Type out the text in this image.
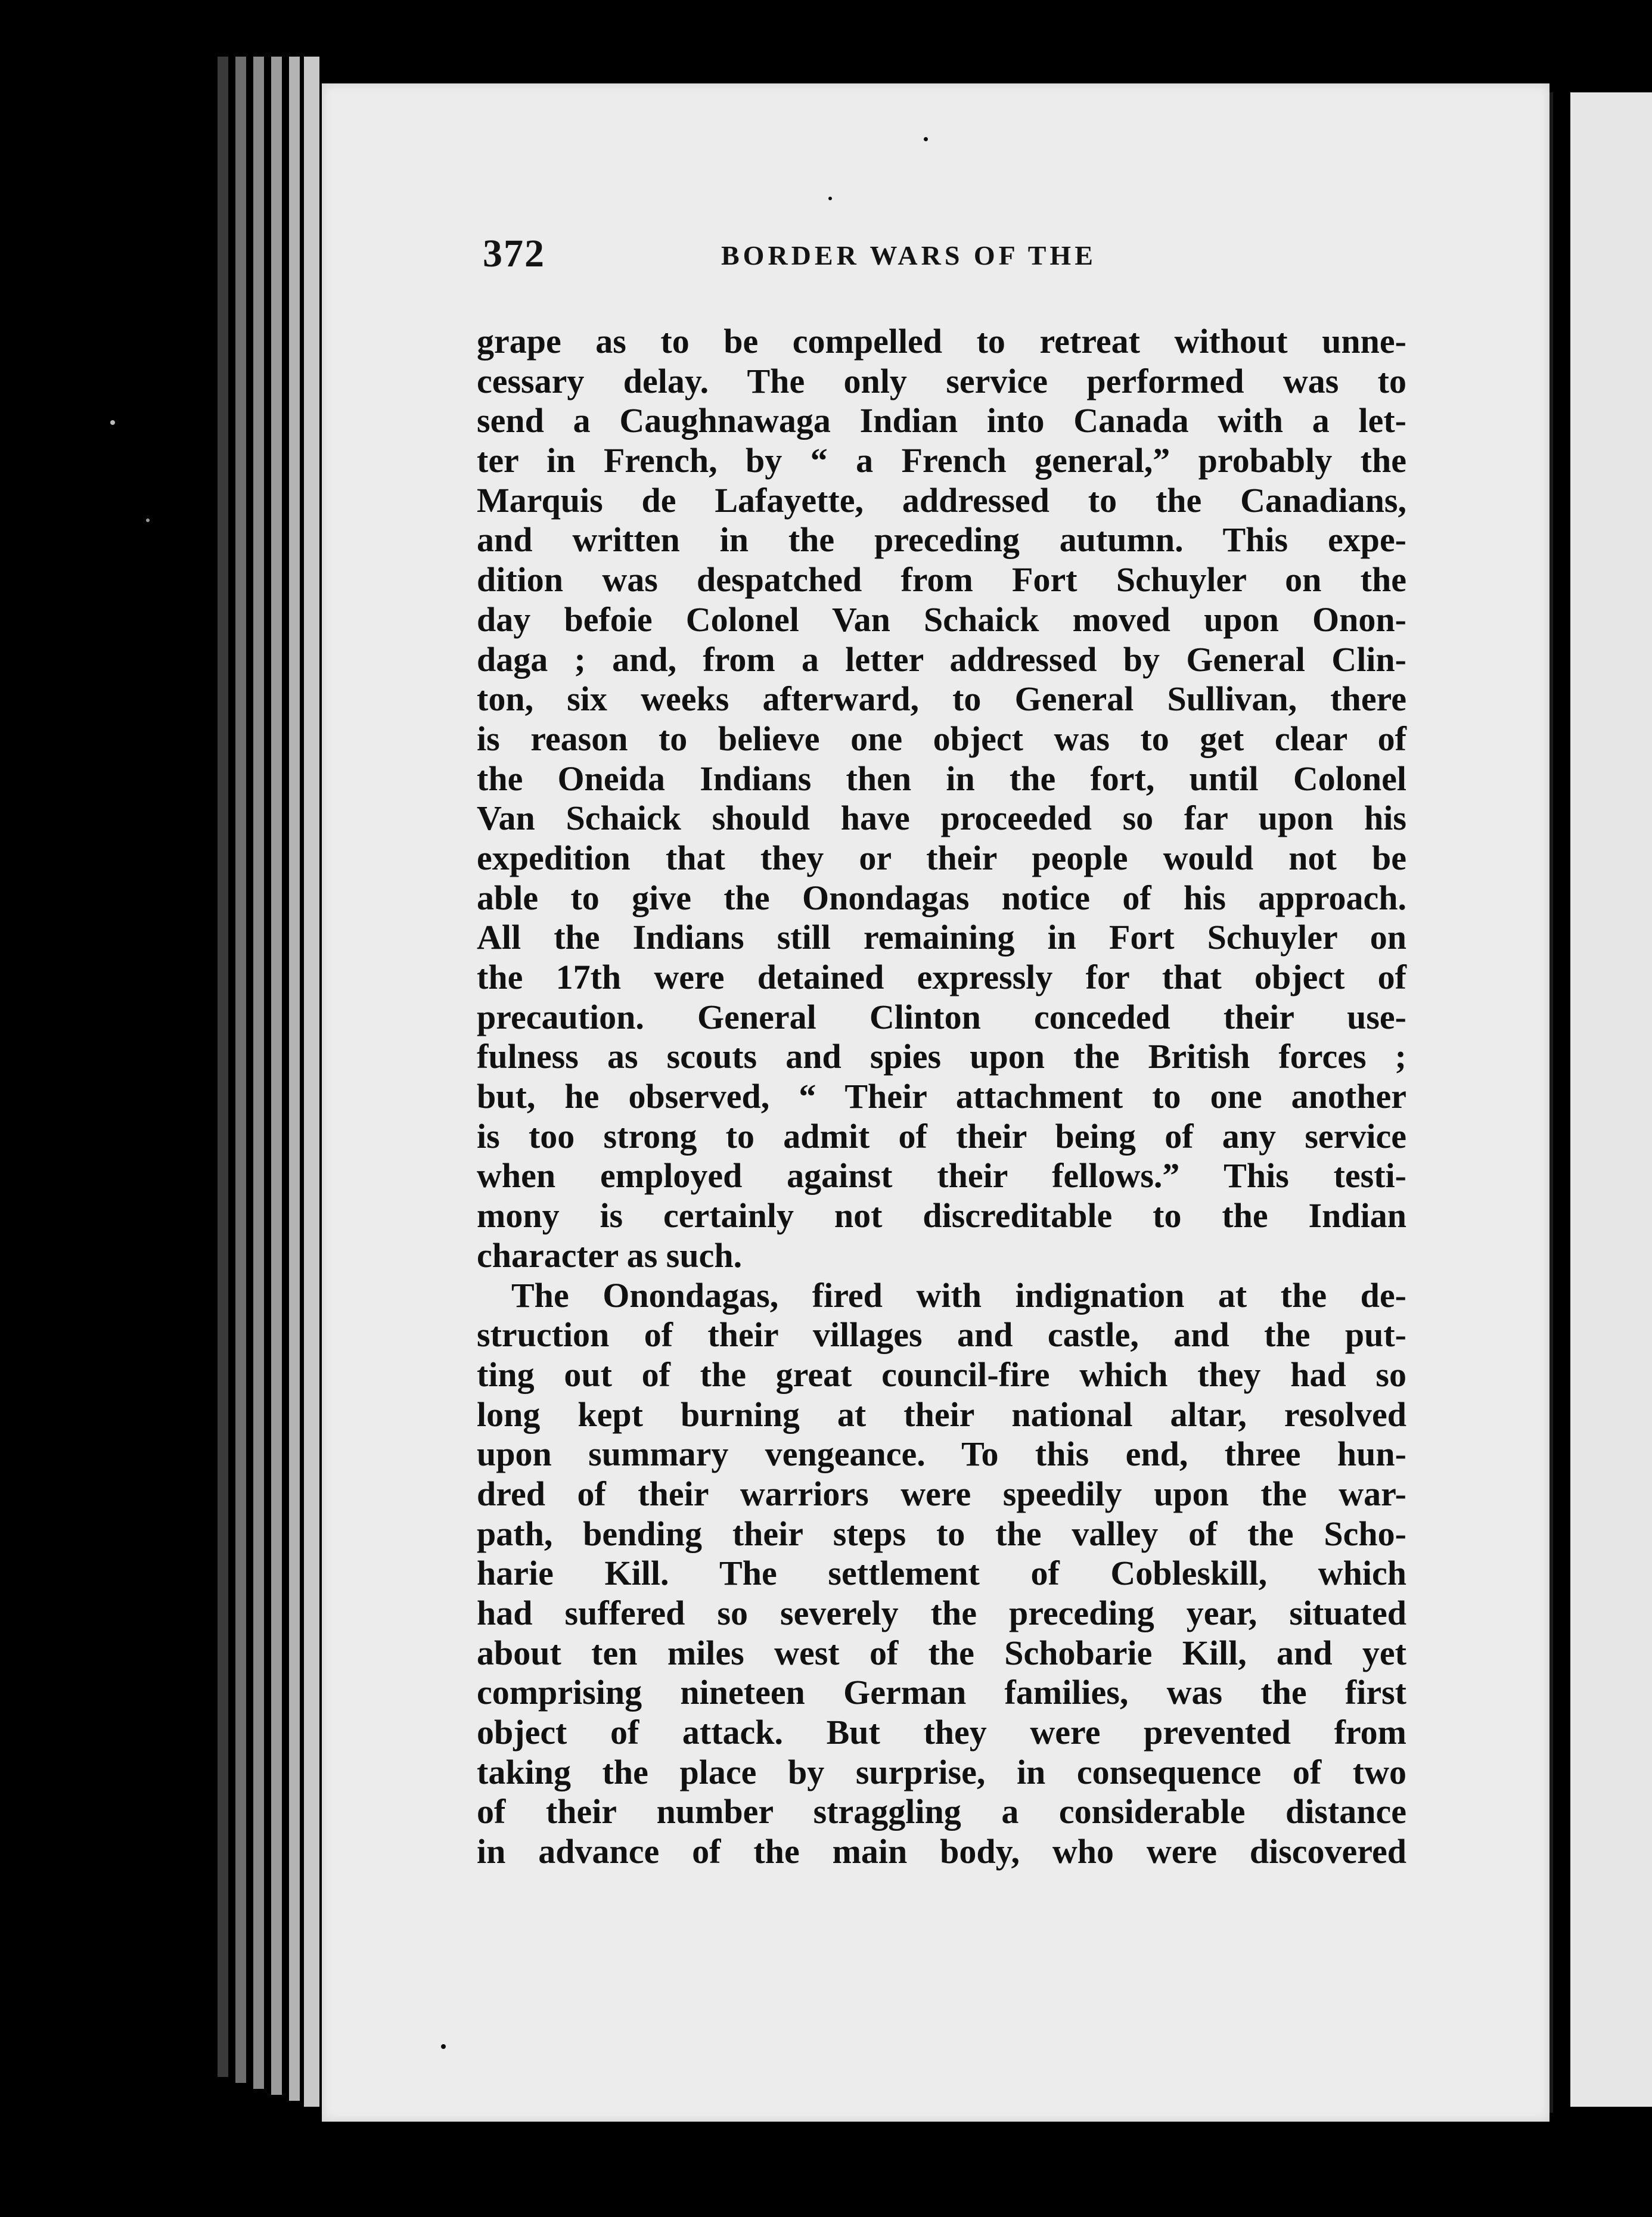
372	BORDER WARS OF THE
grape as to be compelled to retreat without unne-
cessary delay. The only service performed was to
send a Caughnawaga Indian into Canada with a let-
ter in French, by “ a French general,” probably the
Marquis de Lafayette, addressed to the Canadians,
and written in the preceding autumn. This expe-
dition was despatched from Fort Schuyler on the
day befoie Colonel Van Schaick moved upon Onon-
daga ; and, from a letter addressed by General Clin-
ton, six weeks afterward, to General Sullivan, there
is reason to believe one object was to get clear of
the Oneida Indians then in the fort, until Colonel
Van Schaick should have proceeded so far upon his
expedition that they or their people would not be
able to give the Onondagas notice of his approach.
All the Indians still remaining in Fort Schuyler on
the 17th were detained expressly for that object of
precaution. General Clinton conceded their use-
fulness as scouts and spies upon the British forces ;
but, he observed, “ Their attachment to one another
is too strong to admit of their being of any service
when employed against their fellows.” This testi-
mony is certainly not discreditable to the Indian
character as such.
The Onondagas, fired with indignation at the de-
struction of their villages and castle, and the put-
ting out of the great council-fire which they had so
long kept burning at their national altar, resolved
upon summary vengeance. To this end, three hun-
dred of their warriors were speedily upon the war-
path, bending their steps to the valley of the Scho-
harie Kill. The settlement of Cobleskill, which
had suffered so severely the preceding year, situated
about ten miles west of the Schobarie Kill, and yet
comprising nineteen German families, was the first
object of attack. But they were prevented from
taking the place by surprise, in consequence of two
of their number straggling a considerable distance
in advance of the main body, who were discovered
